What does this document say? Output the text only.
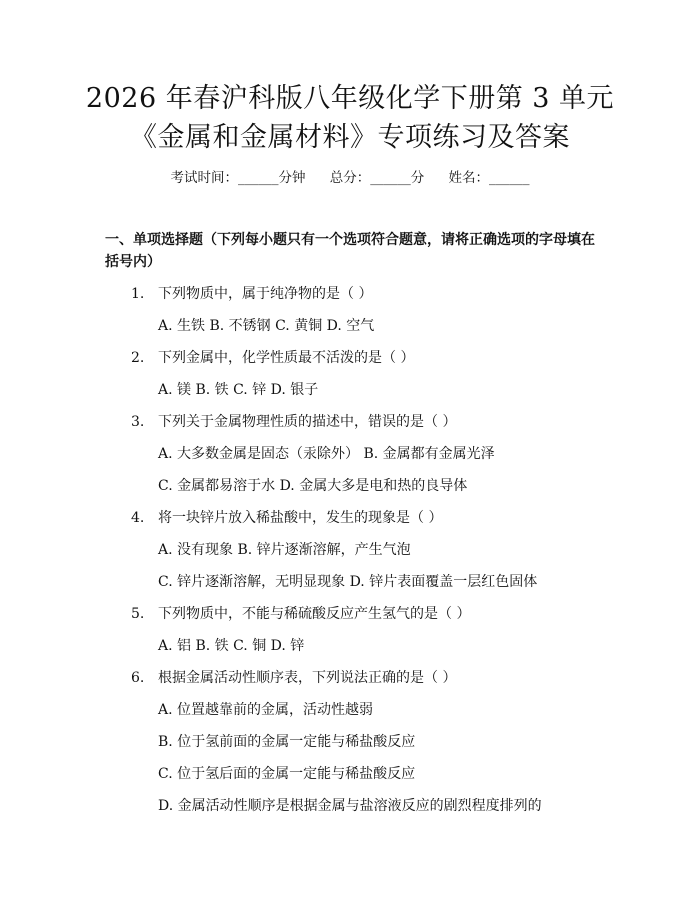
2026 年春沪科版八年级化学下册第 3 单元
《金属和金属材料》专项练习及答案
考试时间：______分钟 总分：______分 姓名：______
一、单项选择题（下列每小题只有一个选项符合题意，请将正确选项的字母填在括号内）
1. 下列物质中，属于纯净物的是（ ）
A. 生铁 B. 不锈钢 C. 黄铜 D. 空气
2. 下列金属中，化学性质最不活泼的是（ ）
A. 镁 B. 铁 C. 锌 D. 银子
3. 下列关于金属物理性质的描述中，错误的是（ ）
A. 大多数金属是固态（汞除外） B. 金属都有金属光泽
C. 金属都易溶于水 D. 金属大多是电和热的良导体
4. 将一块锌片放入稀盐酸中，发生的现象是（ ）
A. 没有现象 B. 锌片逐渐溶解，产生气泡
C. 锌片逐渐溶解，无明显现象 D. 锌片表面覆盖一层红色固体
5. 下列物质中，不能与稀硫酸反应产生氢气的是（ ）
A. 铝 B. 铁 C. 铜 D. 锌
6. 根据金属活动性顺序表，下列说法正确的是（ ）
A. 位置越靠前的金属，活动性越弱
B. 位于氢前面的金属一定能与稀盐酸反应
C. 位于氢后面的金属一定能与稀盐酸反应
D. 金属活动性顺序是根据金属与盐溶液反应的剧烈程度排列的
